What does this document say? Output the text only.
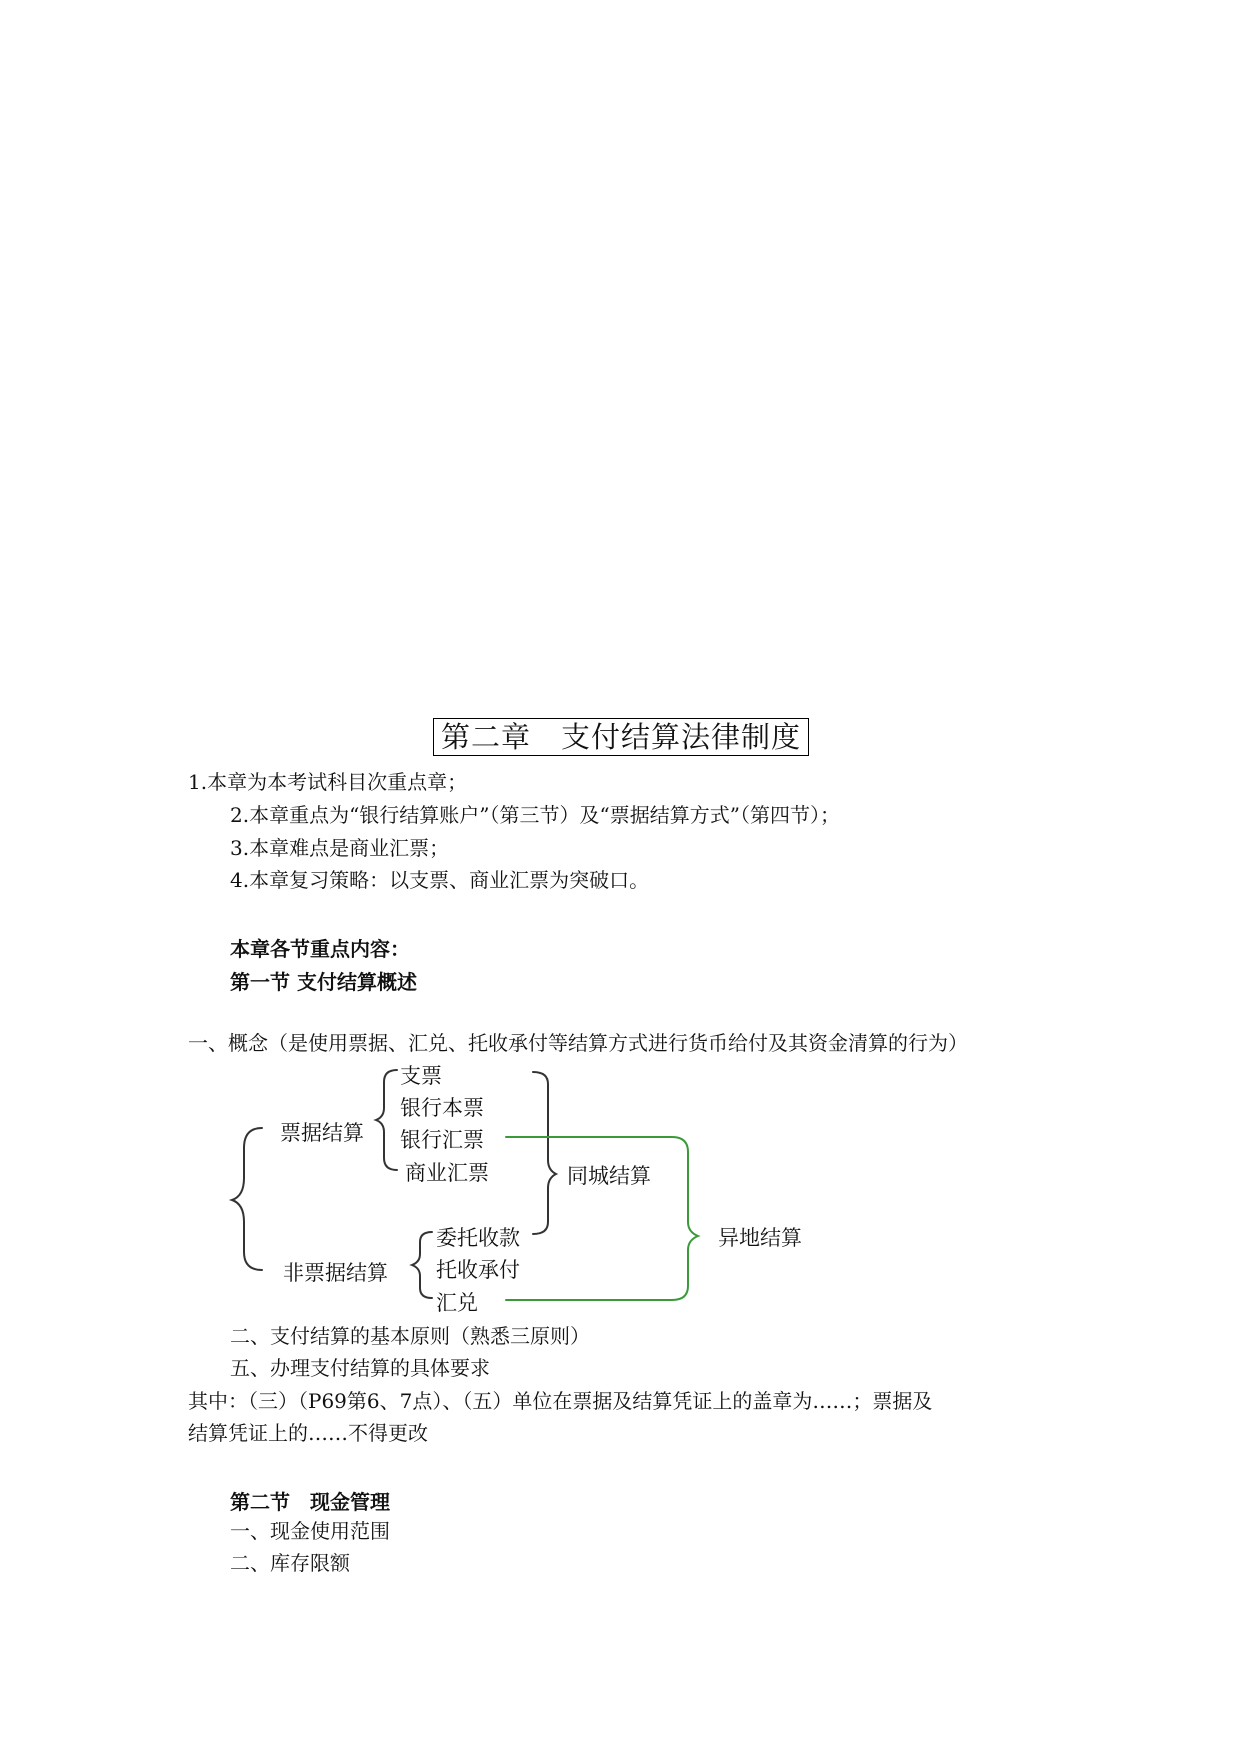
第二章　支付结算法律制度
1.本章为本考试科目次重点章；
2.本章重点为“银行结算账户”（第三节）及“票据结算方式”（第四节）；
3.本章难点是商业汇票；
4.本章复习策略：以支票、商业汇票为突破口。
本章各节重点内容：
第一节 支付结算概述
一、概念（是使用票据、汇兑、托收承付等结算方式进行货币给付及其资金清算的行为）
票据结算
非票据结算
支票
银行本票
银行汇票
商业汇票
委托收款
托收承付
汇兑
同城结算
异地结算
二、支付结算的基本原则（熟悉三原则）
五、办理支付结算的具体要求
其中：（三）（P69第6、7点）、（五）单位在票据及结算凭证上的盖章为……；票据及
结算凭证上的……不得更改
第二节　现金管理
一、现金使用范围
二、库存限额
